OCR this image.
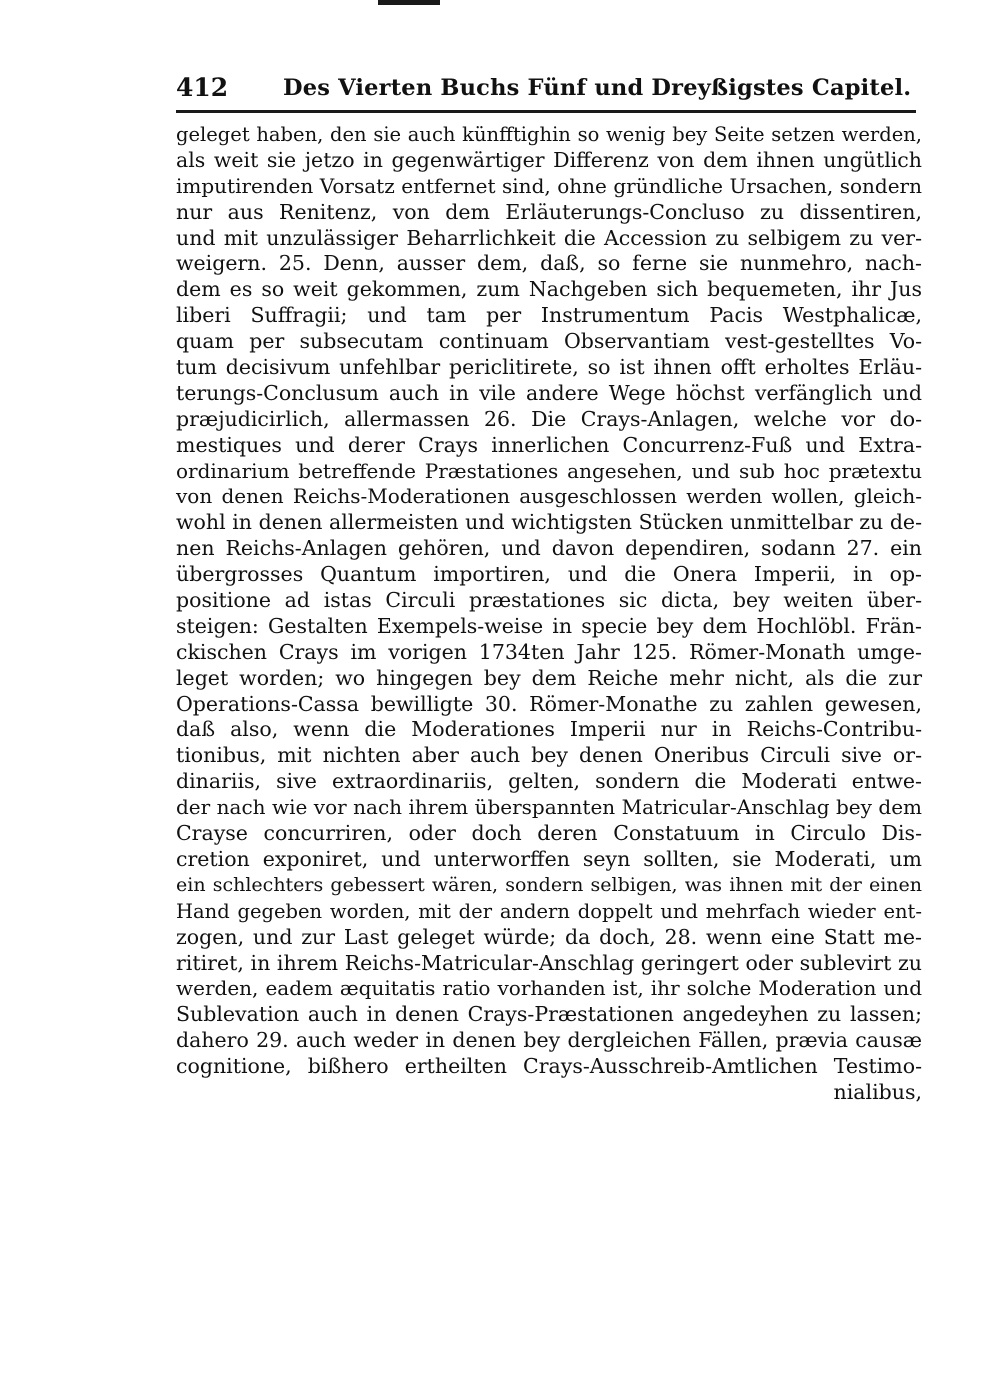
412 Des Vierten Buchs Fünf und Dreyßigstes Capitel.
geleget haben, den sie auch künfftighin so wenig bey Seite setzen werden,
als weit sie jetzo in gegenwärtiger Differenz von dem ihnen ungütlich
imputirenden Vorsatz entfernet sind, ohne gründliche Ursachen, sondern
nur aus Renitenz, von dem Erläuterungs-Concluso zu dissentiren,
und mit unzulässiger Beharrlichkeit die Accession zu selbigem zu ver-
weigern. 25. Denn, ausser dem, daß, so ferne sie nunmehro, nach-
dem es so weit gekommen, zum Nachgeben sich bequemeten, ihr Jus
liberi Suffragii; und tam per Instrumentum Pacis Westphalicæ,
quam per subsecutam continuam Observantiam vest-gestelltes Vo-
tum decisivum unfehlbar periclitirete, so ist ihnen offt erholtes Erläu-
terungs-Conclusum auch in vile andere Wege höchst verfänglich und
præjudicirlich, allermassen 26. Die Crays-Anlagen, welche vor do-
mestiques und derer Crays innerlichen Concurrenz-Fuß und Extra-
ordinarium betreffende Præstationes angesehen, und sub hoc prætextu
von denen Reichs-Moderationen ausgeschlossen werden wollen, gleich-
wohl in denen allermeisten und wichtigsten Stücken unmittelbar zu de-
nen Reichs-Anlagen gehören, und davon dependiren, sodann 27. ein
übergrosses Quantum importiren, und die Onera Imperii, in op-
positione ad istas Circuli præstationes sic dicta, bey weiten über-
steigen: Gestalten Exempels-weise in specie bey dem Hochlöbl. Frän-
ckischen Crays im vorigen 1734ten Jahr 125. Römer-Monath umge-
leget worden; wo hingegen bey dem Reiche mehr nicht, als die zur
Operations-Cassa bewilligte 30. Römer-Monathe zu zahlen gewesen,
daß also, wenn die Moderationes Imperii nur in Reichs-Contribu-
tionibus, mit nichten aber auch bey denen Oneribus Circuli sive or-
dinariis, sive extraordinariis, gelten, sondern die Moderati entwe-
der nach wie vor nach ihrem überspannten Matricular-Anschlag bey dem
Crayse concurriren, oder doch deren Constatuum in Circulo Dis-
cretion exponiret, und unterworffen seyn sollten, sie Moderati, um
ein schlechters gebessert wären, sondern selbigen, was ihnen mit der einen
Hand gegeben worden, mit der andern doppelt und mehrfach wieder ent-
zogen, und zur Last geleget würde; da doch, 28. wenn eine Statt me-
ritiret, in ihrem Reichs-Matricular-Anschlag geringert oder sublevirt zu
werden, eadem æquitatis ratio vorhanden ist, ihr solche Moderation und
Sublevation auch in denen Crays-Præstationen angedeyhen zu lassen;
dahero 29. auch weder in denen bey dergleichen Fällen, prævia causæ
cognitione, bißhero ertheilten Crays-Ausschreib-Amtlichen Testimo-
nialibus,
